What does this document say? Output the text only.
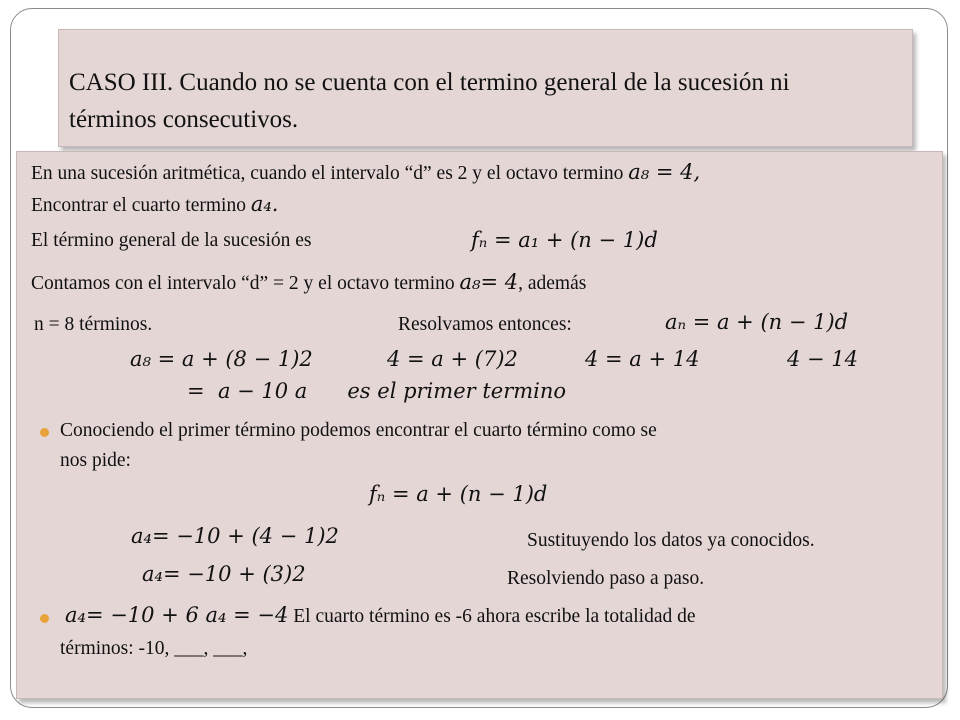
CASO III. Cuando no se cuenta con el termino general de la sucesión ni
términos consecutivos.
En una sucesión aritmética, cuando el intervalo “d” es 2 y el octavo termino a₈ = 4,
Encontrar el cuarto termino a₄.
El término general de la sucesión es	fₙ = a₁ + (n − 1)d
Contamos con el intervalo “d” = 2 y el octavo termino a₈= 4, además
n = 8 términos.	Resolvamos entonces:	aₙ = a + (n − 1)d
a₈ = a + (8 − 1)2	4 = a + (7)2	4 = a + 14	4 − 14
=  a − 10 a      es el primer termino
Conociendo el primer término podemos encontrar el cuarto término como se
nos pide:
fₙ = a + (n − 1)d
a₄= −10 + (4 − 1)2	Sustituyendo los datos ya conocidos.
a₄= −10 + (3)2	Resolviendo paso a paso.
a₄= −10 + 6 a₄ = −4 El cuarto término es -6 ahora escribe la totalidad de
términos: -10, ___, ___,
